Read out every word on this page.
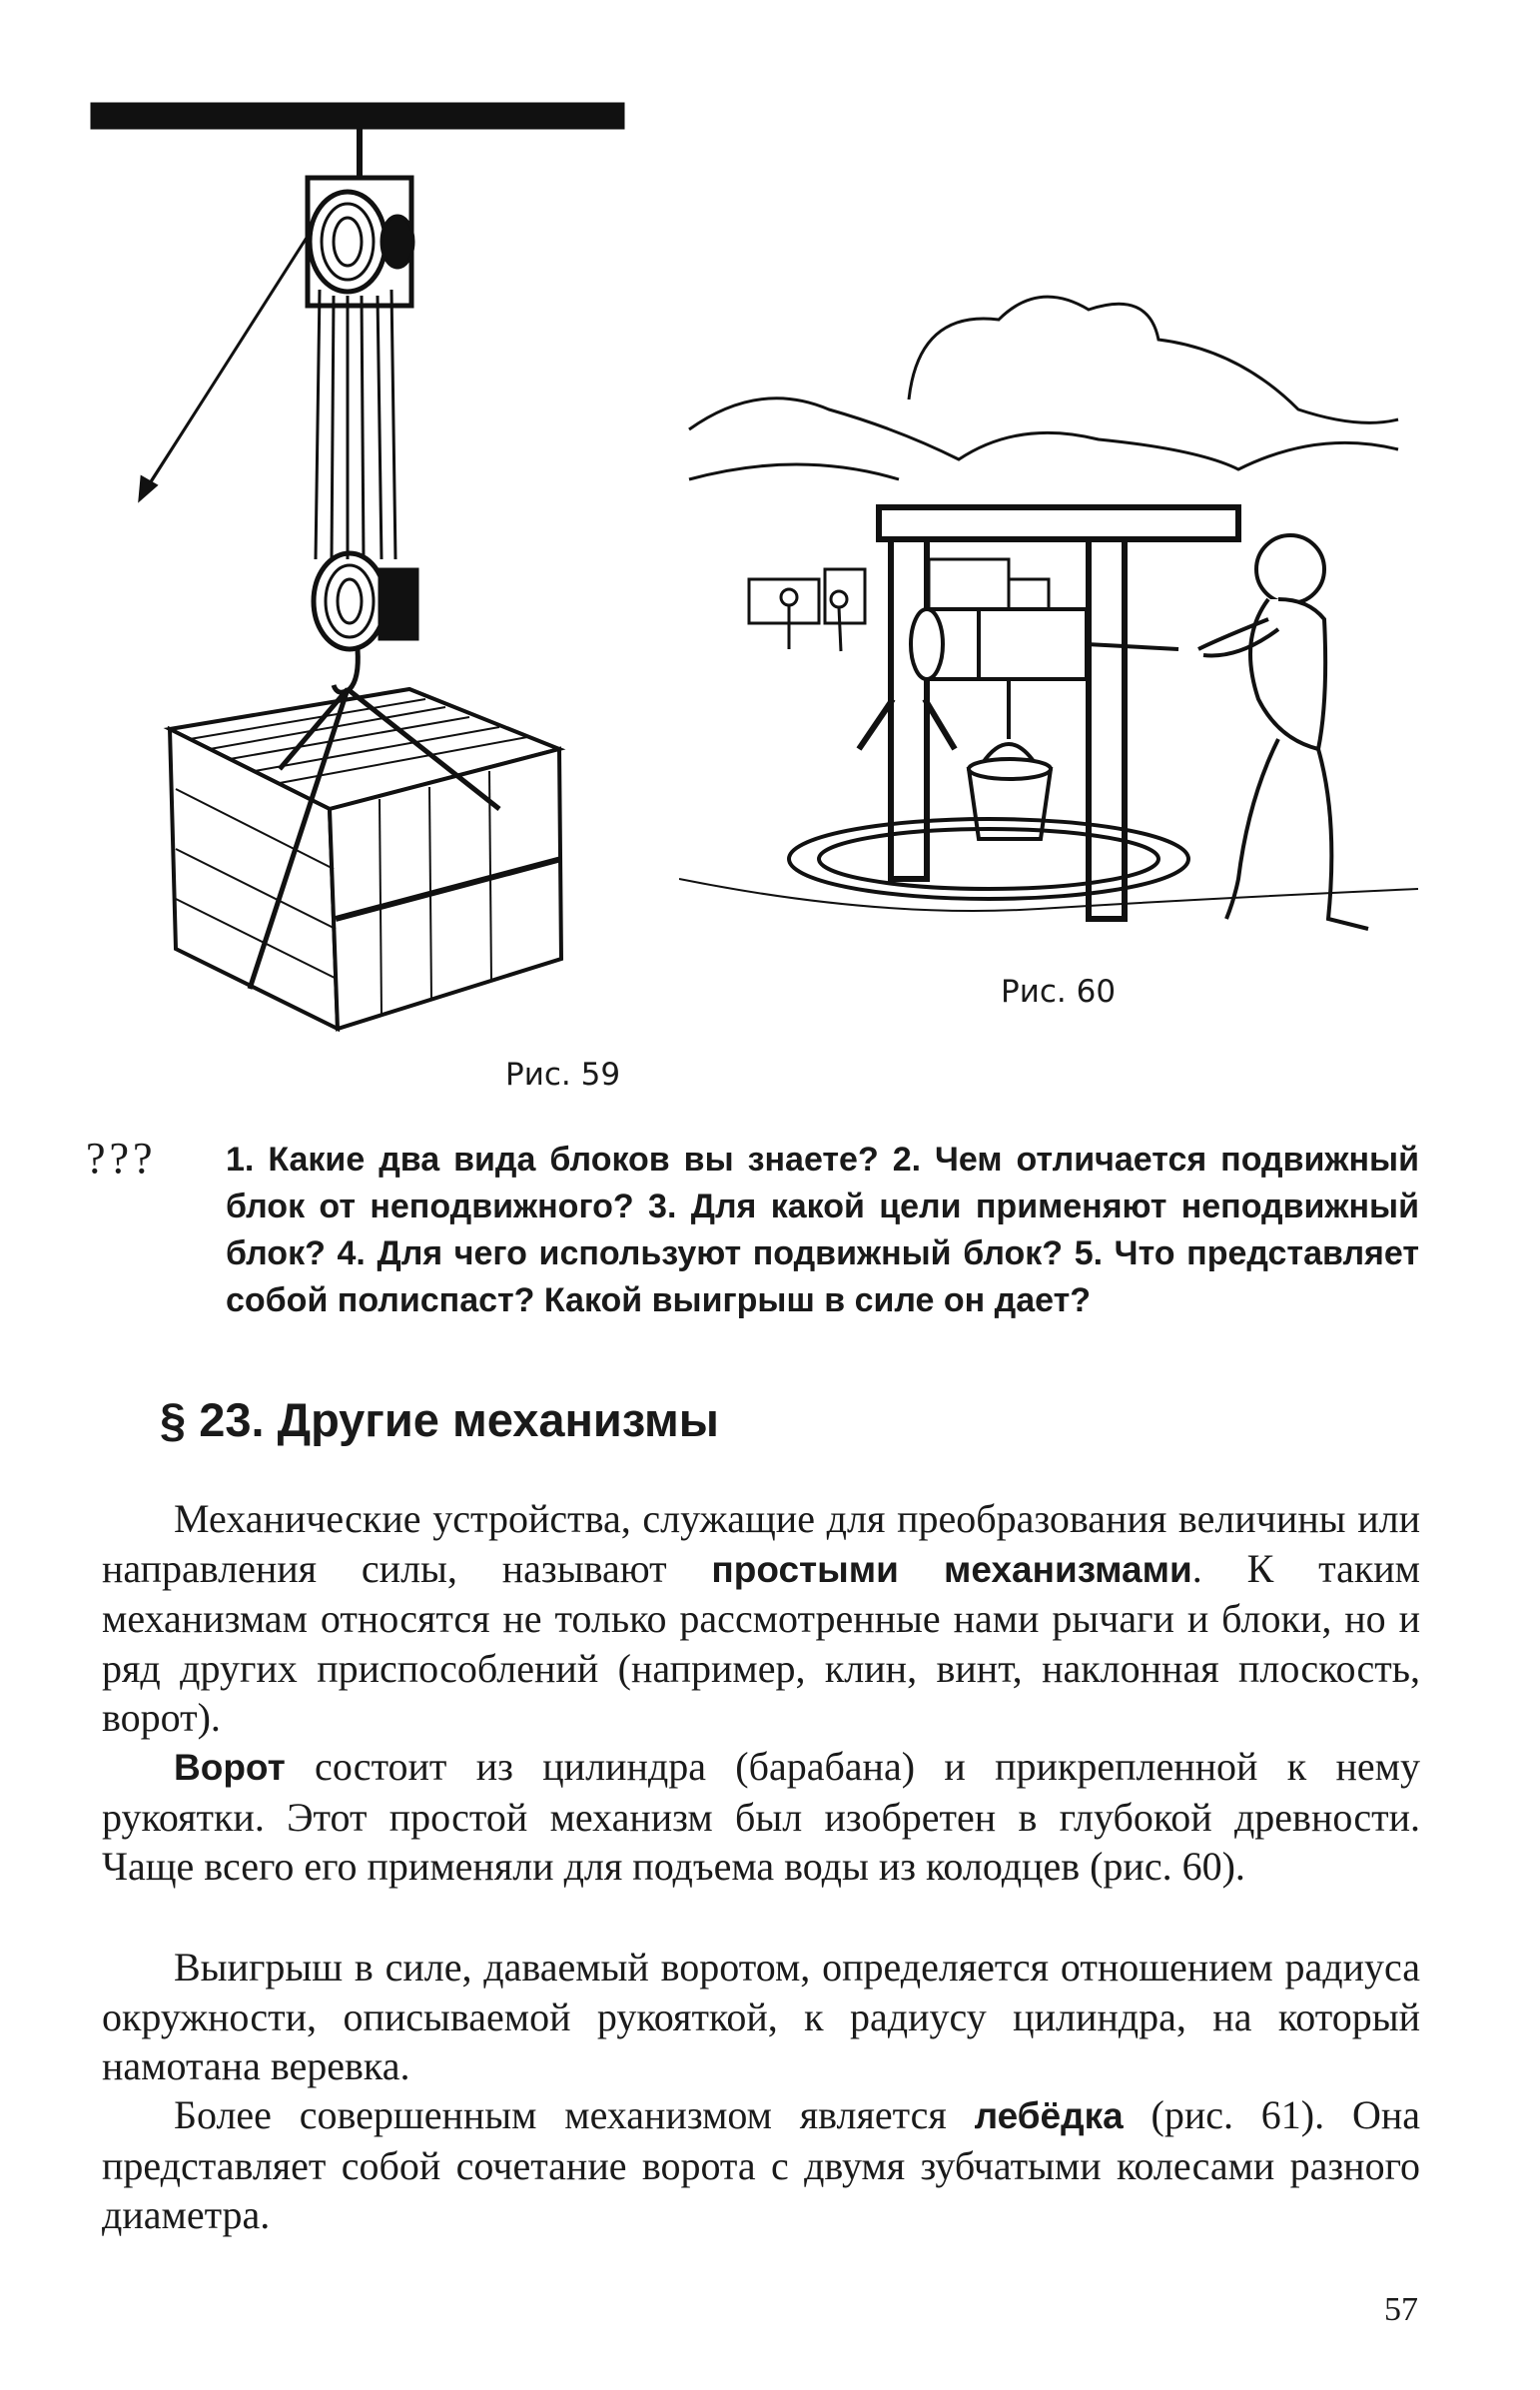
Рис. 59
Рис. 60
??? 1. Какие два вида блоков вы знаете? 2. Чем отличается подвижный блок от неподвижного? 3. Для какой цели применяют неподвижный блок? 4. Для чего используют подвижный блок? 5. Что представляет собой полиспаст? Какой выигрыш в силе он дает?

§ 23. Другие механизмы

Механические устройства, служащие для преобразования величины или направления силы, называют простыми механизмами. К таким механизмам относятся не только рассмотренные нами рычаги и блоки, но и ряд других приспособлений (например, клин, винт, наклонная плоскость, ворот).

Ворот состоит из цилиндра (барабана) и прикрепленной к нему рукоятки. Этот простой механизм был изобретен в глубокой древности. Чаще всего его применяли для подъема воды из колодцев (рис. 60).

Выигрыш в силе, даваемый воротом, определяется отношением радиуса окружности, описываемой рукояткой, к радиусу цилиндра, на который намотана веревка.

Более совершенным механизмом является лебёдка (рис. 61). Она представляет собой сочетание ворота с двумя зубчатыми колесами разного диаметра.

57
